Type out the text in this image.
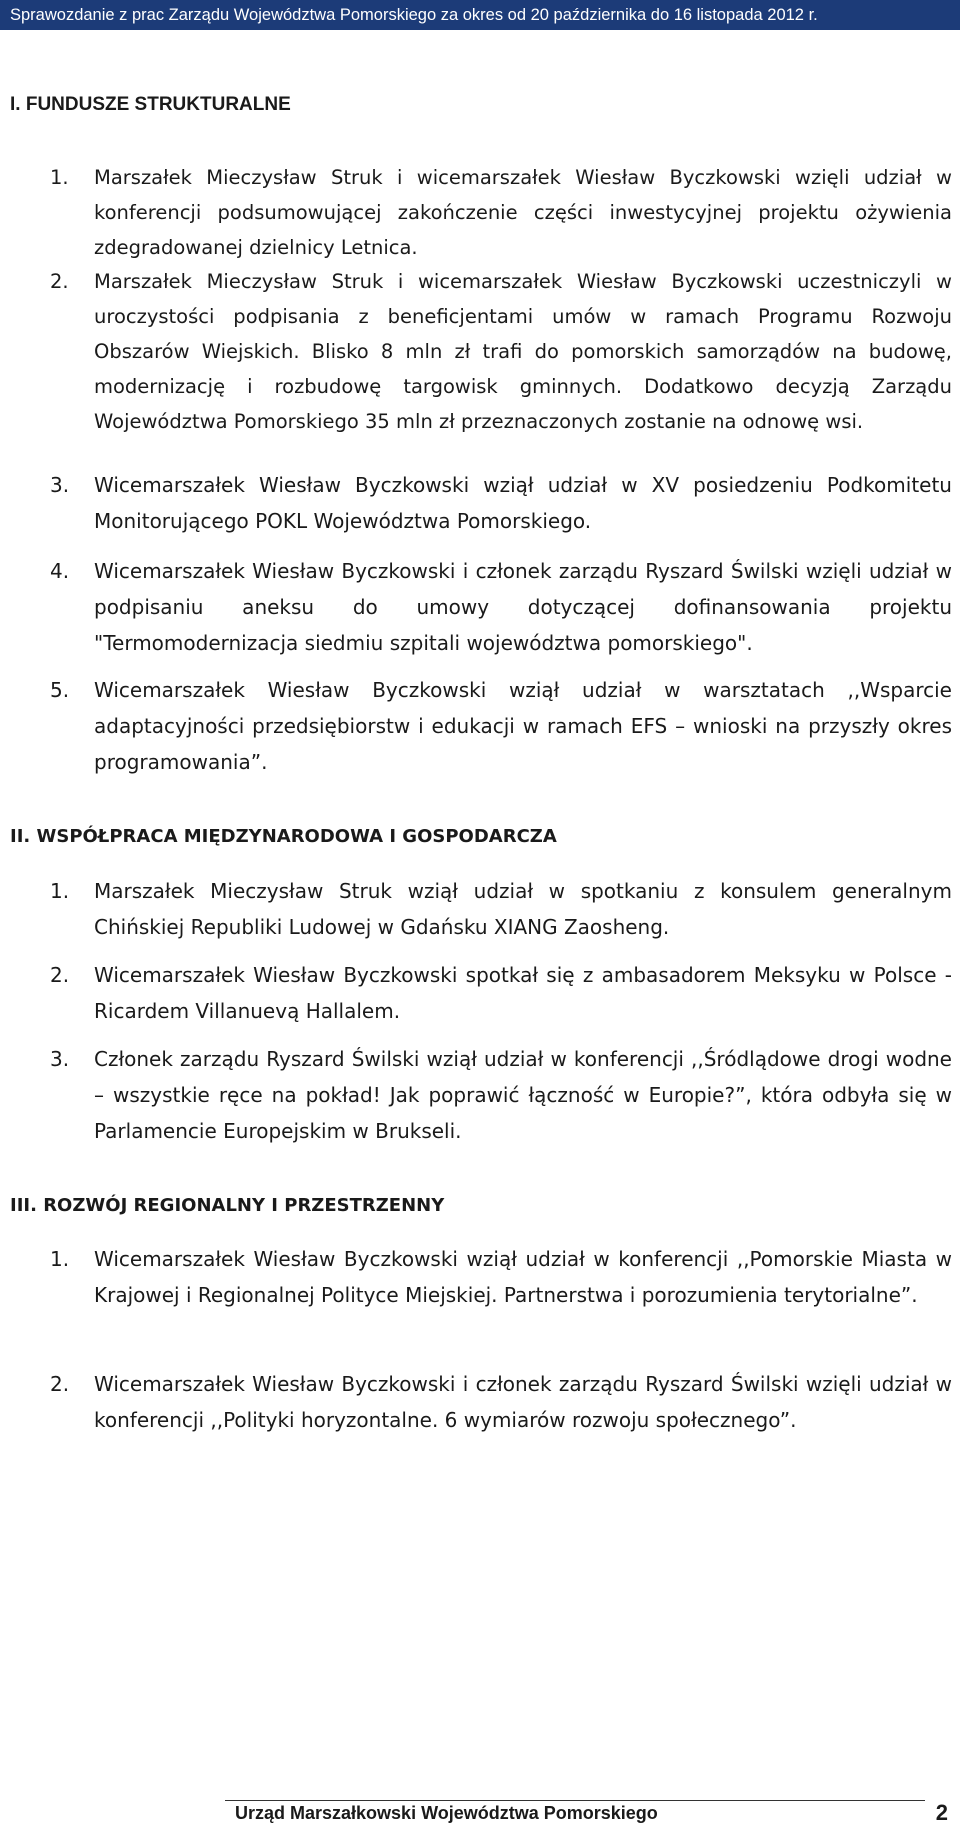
Sprawozdanie z prac Zarządu Województwa Pomorskiego za okres od 20 października do 16 listopada 2012 r.
I. FUNDUSZE STRUKTURALNE
1. Marszałek Mieczysław Struk i wicemarszałek Wiesław Byczkowski wzięli udział w konferencji podsumowującej zakończenie części inwestycyjnej projektu ożywienia zdegradowanej dzielnicy Letnica.
2. Marszałek Mieczysław Struk i wicemarszałek Wiesław Byczkowski uczestniczyli w uroczystości podpisania z beneficjentami umów w ramach Programu Rozwoju Obszarów Wiejskich. Blisko 8 mln zł trafi do pomorskich samorządów na budowę, modernizację i rozbudowę targowisk gminnych. Dodatkowo decyzją Zarządu Województwa Pomorskiego 35 mln zł przeznaczonych zostanie na odnowę wsi.
3. Wicemarszałek Wiesław Byczkowski wziął udział w XV posiedzeniu Podkomitetu Monitorującego POKL Województwa Pomorskiego.
4. Wicemarszałek Wiesław Byczkowski i członek zarządu Ryszard Świlski wzięli udział w podpisaniu aneksu do umowy dotyczącej dofinansowania projektu "Termomodernizacja siedmiu szpitali województwa pomorskiego".
5. Wicemarszałek Wiesław Byczkowski wziął udział w warsztatach ,,Wsparcie adaptacyjności przedsiębiorstw i edukacji w ramach EFS – wnioski na przyszły okres programowania”.
II. WSPÓŁPRACA MIĘDZYNARODOWA I GOSPODARCZA
1. Marszałek Mieczysław Struk wziął udział w spotkaniu z konsulem generalnym Chińskiej Republiki Ludowej w Gdańsku XIANG Zaosheng.
2. Wicemarszałek Wiesław Byczkowski spotkał się z ambasadorem Meksyku w Polsce - Ricardem Villanuevą Hallalem.
3. Członek zarządu Ryszard Świlski wziął udział w konferencji ,,Śródlądowe drogi wodne – wszystkie ręce na pokład! Jak poprawić łączność w Europie?”, która odbyła się w Parlamencie Europejskim w Brukseli.
III. ROZWÓJ REGIONALNY I PRZESTRZENNY
1. Wicemarszałek Wiesław Byczkowski wziął udział w konferencji ,,Pomorskie Miasta w Krajowej i Regionalnej Polityce Miejskiej. Partnerstwa i porozumienia terytorialne”.
2. Wicemarszałek Wiesław Byczkowski i członek zarządu Ryszard Świlski wzięli udział w konferencji ,,Polityki horyzontalne. 6 wymiarów rozwoju społecznego”.
Urząd Marszałkowski Województwa Pomorskiego	2
